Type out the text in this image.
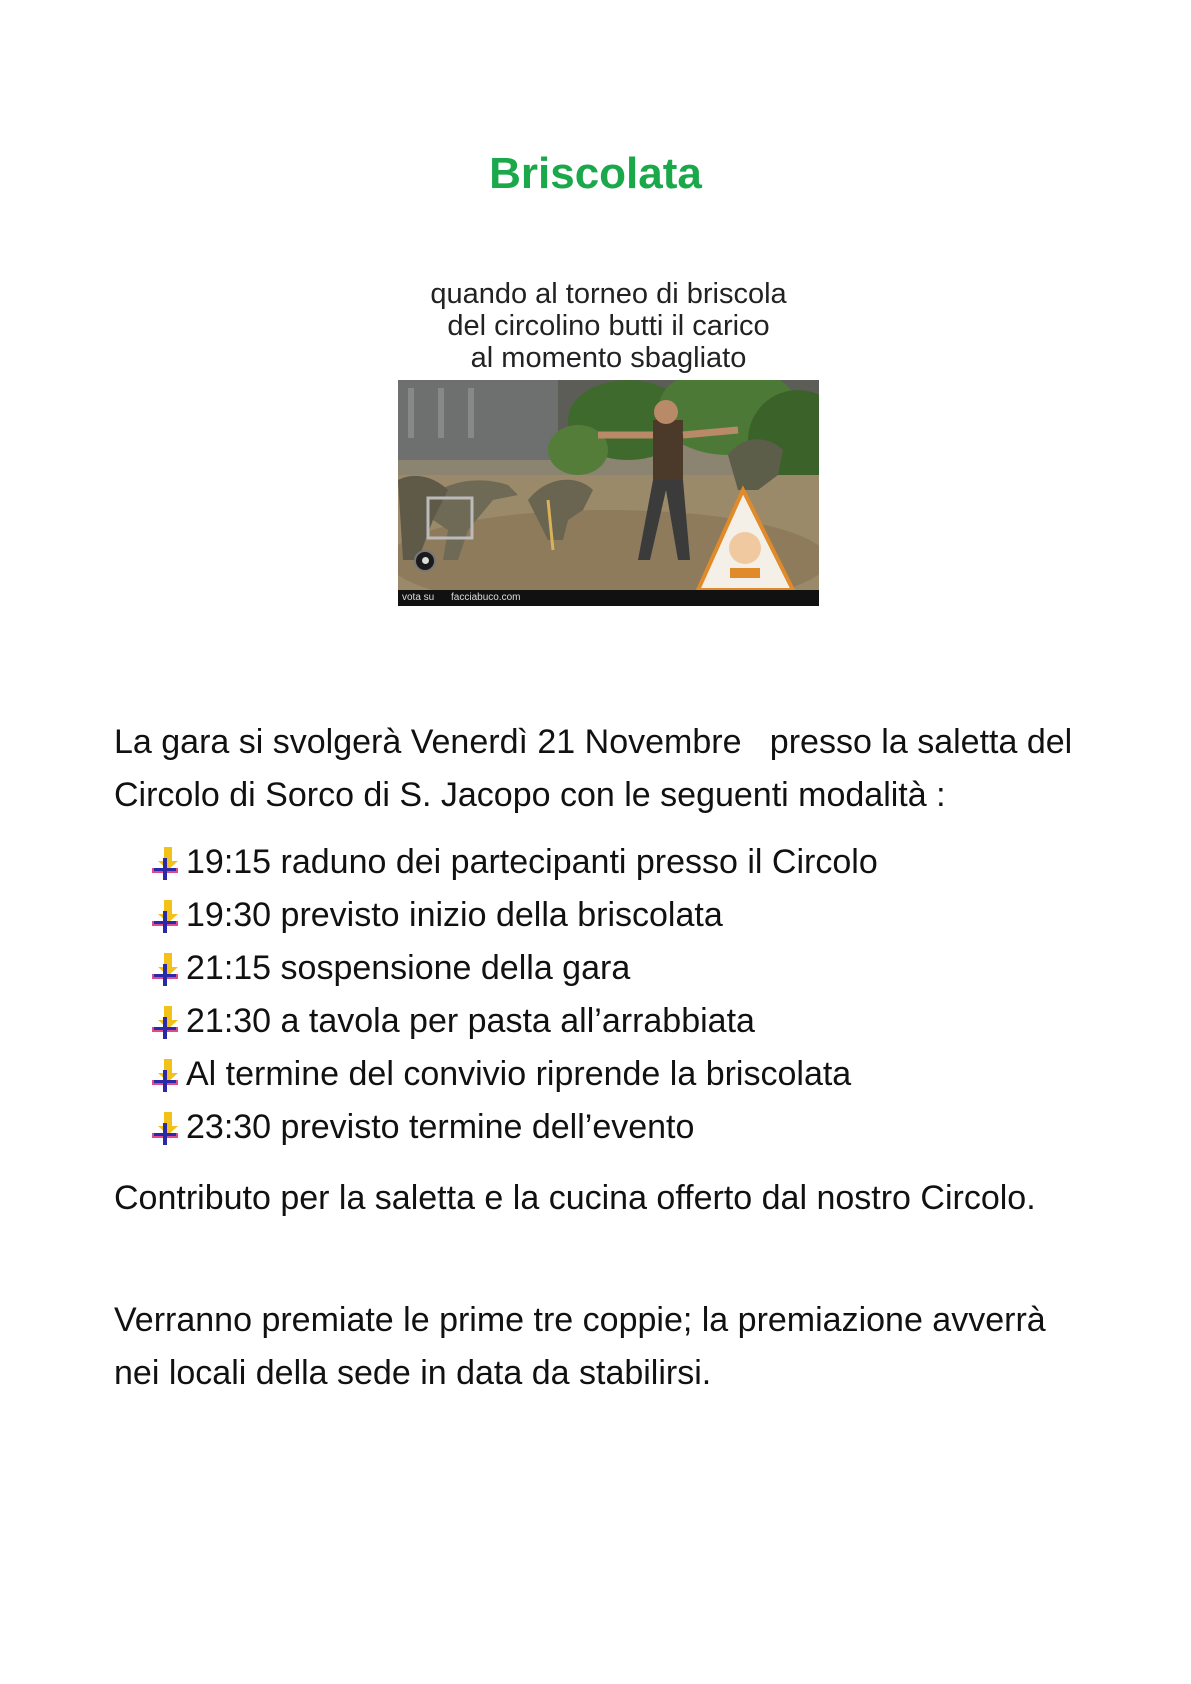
Briscolata
quando al torneo di briscola
del circolino butti il carico
al momento sbagliato
vota su facciabuco.com
La gara si svolgerà Venerdì 21 Novembre   presso la saletta del Circolo di Sorco di S. Jacopo con le seguenti modalità :
19:15 raduno dei partecipanti presso il Circolo
19:30 previsto inizio della briscolata
21:15 sospensione della gara
21:30 a tavola per pasta all’arrabbiata
Al termine del convivio riprende la briscolata
23:30 previsto termine dell’evento
Contributo per la saletta e la cucina offerto dal nostro Circolo.
Verranno premiate le prime tre coppie; la premiazione avverrà nei locali della sede in data da stabilirsi.
